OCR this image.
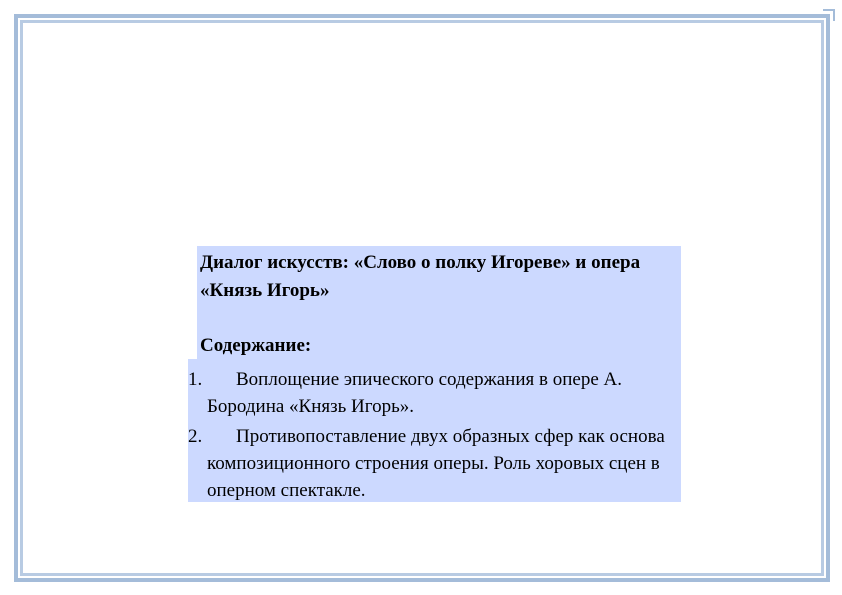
Диалог искусств: «Слово о полку Игореве» и опера «Князь Игорь»
Содержание:
1.	Воплощение эпического содержания в опере А. Бородина «Князь Игорь».
2.	Противопоставление двух образных сфер как основа композиционного строения оперы. Роль хоровых сцен в оперном спектакле.
